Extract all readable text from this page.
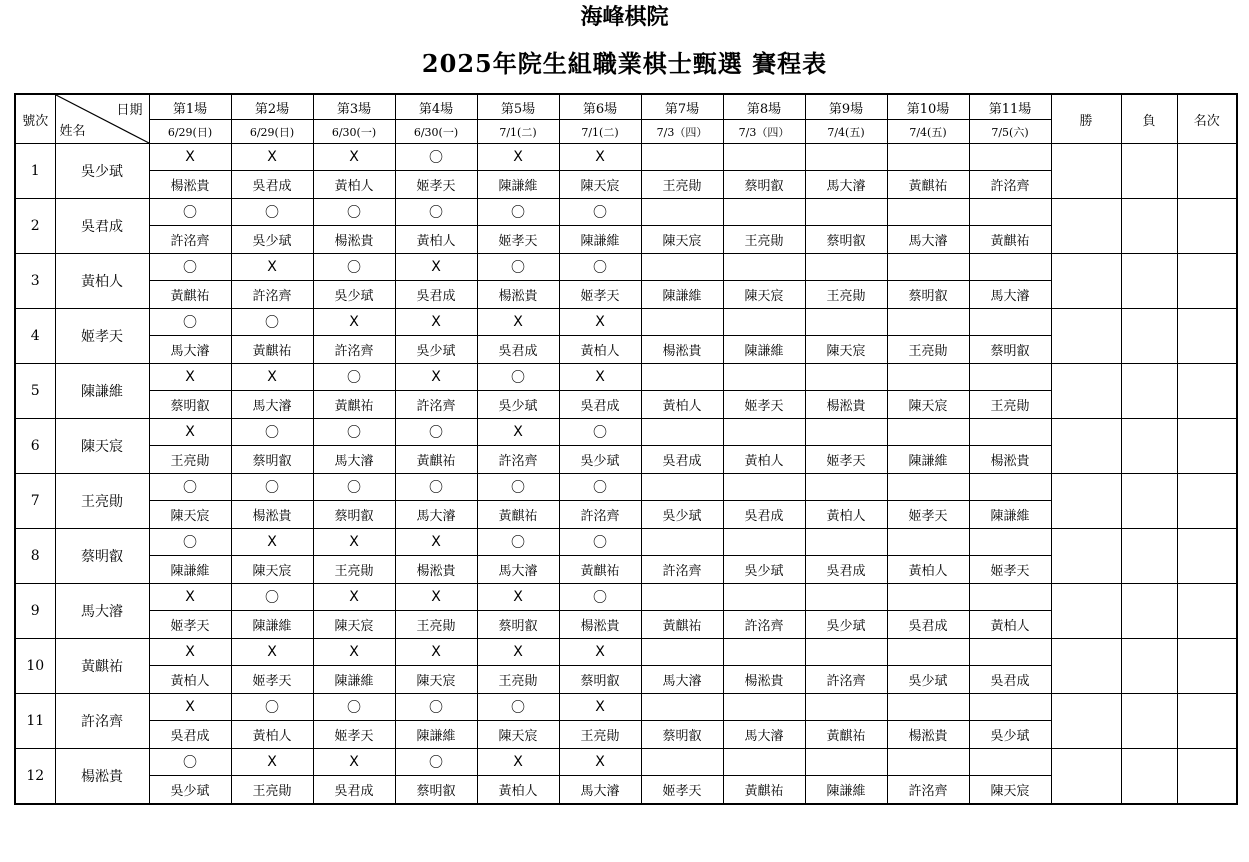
海峰棋院
2025年院生組職業棋士甄選 賽程表
號次	日期
姓名	第1場	第2場	第3場	第4場	第5場	第6場	第7場	第8場	第9場	第10場	第11場	勝	負	名次
		6/29(日)	6/29(日)	6/30(一)	6/30(一)	7/1(二)	7/1(二)	7/3（四）	7/3（四）	7/4(五)	7/4(五)	7/5(六)			
1	吳少珷	X	X	X	〇	X	X								
		楊淞貴	吳君成	黃柏人	姬孝天	陳謙維	陳天宸	王亮勛	蔡明叡	馬大濬	黃麒祐	許洺齊			
2	吳君成	〇	〇	〇	〇	〇	〇								
		許洺齊	吳少珷	楊淞貴	黃柏人	姬孝天	陳謙維	陳天宸	王亮勛	蔡明叡	馬大濬	黃麒祐			
3	黃柏人	〇	X	〇	X	〇	〇								
		黃麒祐	許洺齊	吳少珷	吳君成	楊淞貴	姬孝天	陳謙維	陳天宸	王亮勛	蔡明叡	馬大濬			
4	姬孝天	〇	〇	X	X	X	X								
		馬大濬	黃麒祐	許洺齊	吳少珷	吳君成	黃柏人	楊淞貴	陳謙維	陳天宸	王亮勛	蔡明叡			
5	陳謙維	X	X	〇	X	〇	X								
		蔡明叡	馬大濬	黃麒祐	許洺齊	吳少珷	吳君成	黃柏人	姬孝天	楊淞貴	陳天宸	王亮勛			
6	陳天宸	X	〇	〇	〇	X	〇								
		王亮勛	蔡明叡	馬大濬	黃麒祐	許洺齊	吳少珷	吳君成	黃柏人	姬孝天	陳謙維	楊淞貴			
7	王亮勛	〇	〇	〇	〇	〇	〇								
		陳天宸	楊淞貴	蔡明叡	馬大濬	黃麒祐	許洺齊	吳少珷	吳君成	黃柏人	姬孝天	陳謙維			
8	蔡明叡	〇	X	X	X	〇	〇								
		陳謙維	陳天宸	王亮勛	楊淞貴	馬大濬	黃麒祐	許洺齊	吳少珷	吳君成	黃柏人	姬孝天			
9	馬大濬	X	〇	X	X	X	〇								
		姬孝天	陳謙維	陳天宸	王亮勛	蔡明叡	楊淞貴	黃麒祐	許洺齊	吳少珷	吳君成	黃柏人			
10	黃麒祐	X	X	X	X	X	X								
		黃柏人	姬孝天	陳謙維	陳天宸	王亮勛	蔡明叡	馬大濬	楊淞貴	許洺齊	吳少珷	吳君成			
11	許洺齊	X	〇	〇	〇	〇	X								
		吳君成	黃柏人	姬孝天	陳謙維	陳天宸	王亮勛	蔡明叡	馬大濬	黃麒祐	楊淞貴	吳少珷			
12	楊淞貴	〇	X	X	〇	X	X								
		吳少珷	王亮勛	吳君成	蔡明叡	黃柏人	馬大濬	姬孝天	黃麒祐	陳謙維	許洺齊	陳天宸			
